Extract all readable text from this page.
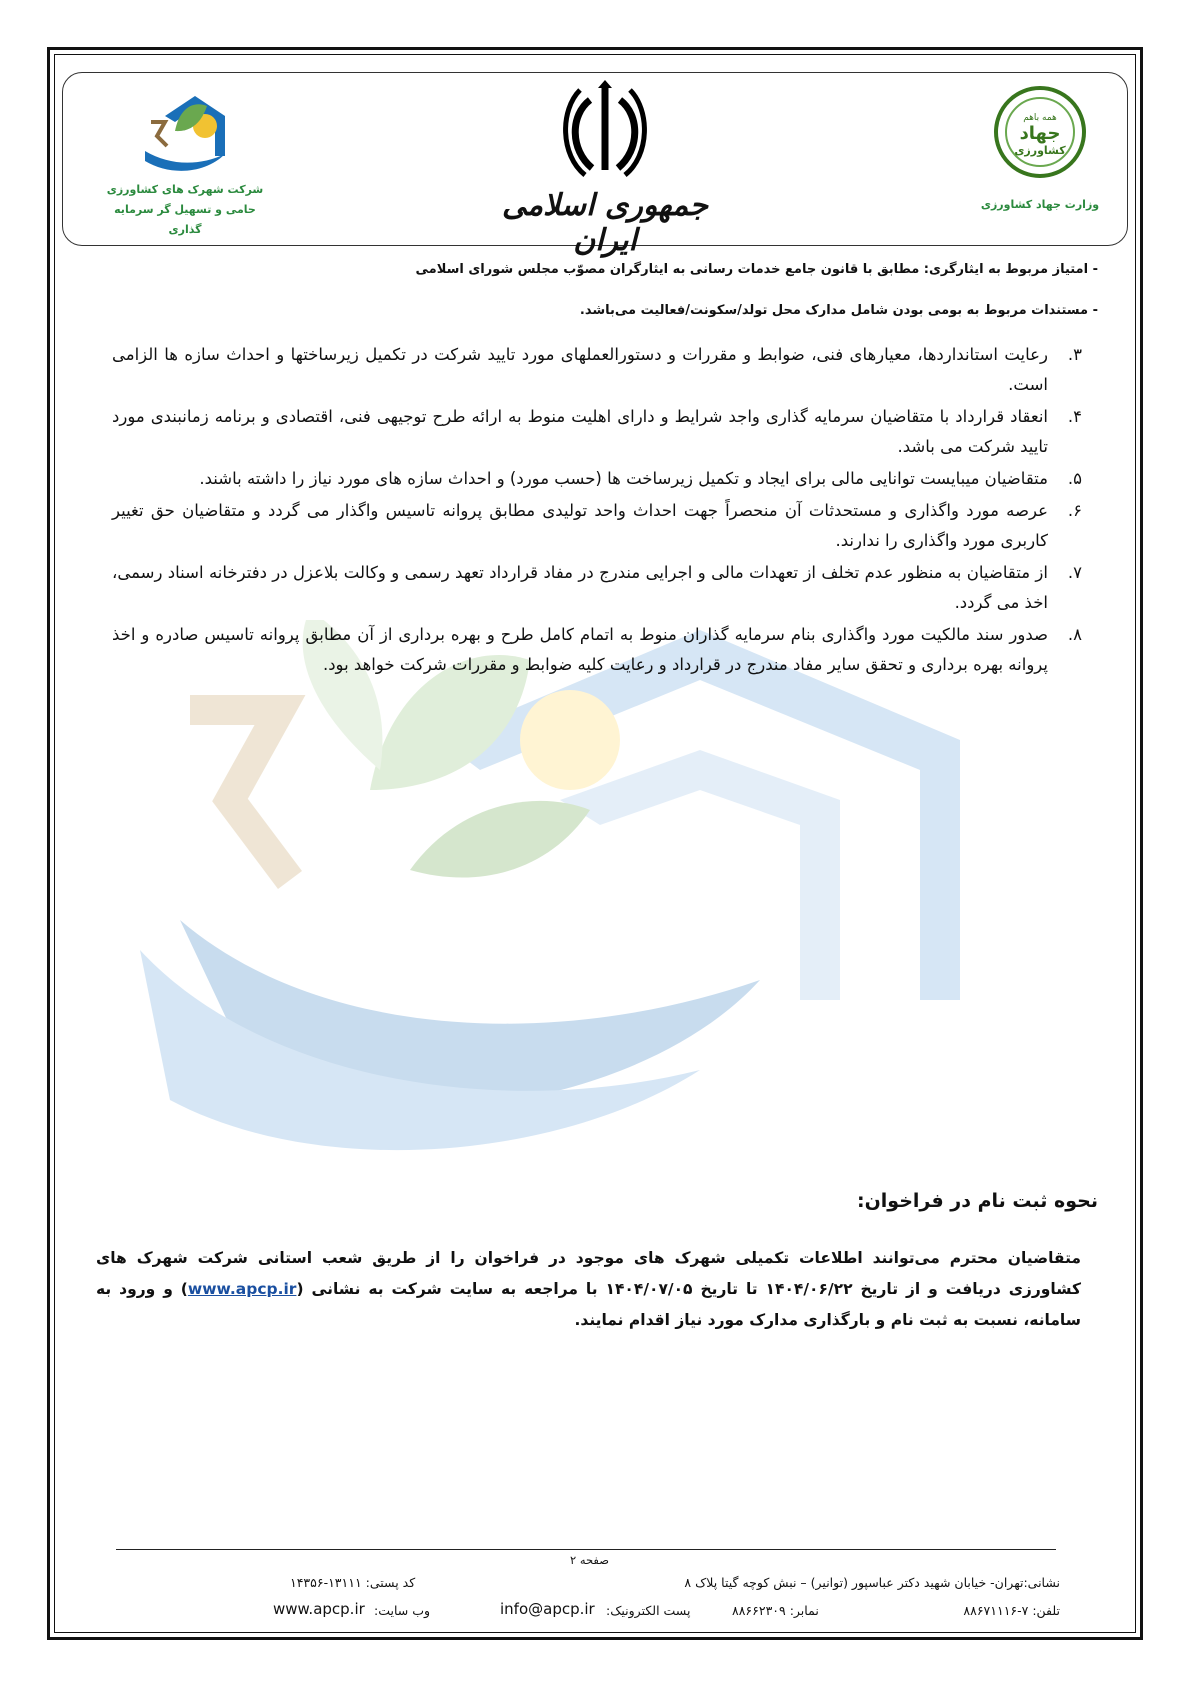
شرکت شهرک های کشاورزی
حامی و تسهیل گر سرمایه گذاری
جمهوری اسلامی ایران
همه باهم
جهاد
کشاورزی
وزارت جهاد کشاورزی
- امتیاز مربوط به ایثارگری: مطابق با قانون جامع خدمات رسانی به ایثارگران مصوّب مجلس شورای اسلامی
- مستندات مربوط به بومی بودن شامل مدارک محل تولد/سکونت/فعالیت می‌باشد.
۳.
رعایت استانداردها، معیارهای فنی، ضوابط و مقررات و دستورالعملهای مورد تایید شرکت در تکمیل زیرساختها و احداث سازه ها الزامی است.
۴.
انعقاد قرارداد با متقاضیان سرمایه گذاری واجد شرایط و دارای اهلیت منوط به ارائه طرح توجیهی فنی، اقتصادی و برنامه زمانبندی مورد تایید شرکت می باشد.
۵.
متقاضیان میبایست توانایی مالی برای ایجاد و تکمیل زیرساخت ها (حسب مورد) و احداث سازه های مورد نیاز را داشته باشند.
۶.
عرصه مورد واگذاری و مستحدثات آن منحصراً جهت احداث واحد تولیدی مطابق پروانه تاسیس واگذار می گردد و متقاضیان حق تغییر کاربری مورد واگذاری را ندارند.
۷.
از متقاضیان به منظور عدم تخلف از تعهدات مالی و اجرایی مندرج در مفاد قرارداد تعهد رسمی و وکالت بلاعزل در دفترخانه اسناد رسمی، اخذ می گردد.
۸.
صدور سند مالکیت مورد واگذاری بنام سرمایه گذاران منوط به اتمام کامل طرح و بهره برداری از آن مطابق پروانه تاسیس صادره و اخذ پروانه بهره برداری و تحقق سایر مفاد مندرج در قرارداد و رعایت کلیه ضوابط و مقررات شرکت خواهد بود.
نحوه ثبت نام در فراخوان:
متقاضیان محترم می‌توانند اطلاعات تکمیلی شهرک های موجود در فراخوان را از طریق شعب استانی شرکت شهرک های کشاورزی دریافت و از تاریخ ۱۴۰۴/۰۶/۲۲ تا تاریخ ۱۴۰۴/۰۷/۰۵ با مراجعه به سایت شرکت به نشانی (www.apcp.ir) و ورود به سامانه، نسبت به ثبت نام و بارگذاری مدارک مورد نیاز اقدام نمایند.
صفحه ۲
نشانی:تهران- خیابان شهید دکتر عباسپور (توانیر) – نبش کوچه گیتا پلاک ۸
کد پستی: ۱۳۱۱۱-۱۴۳۵۶
تلفن: ۷-۸۸۶۷۱۱۱۶
نمابر: ۸۸۶۶۲۳۰۹
info@apcp.ir پست الکترونیک:
www.apcp.ir وب سایت:
